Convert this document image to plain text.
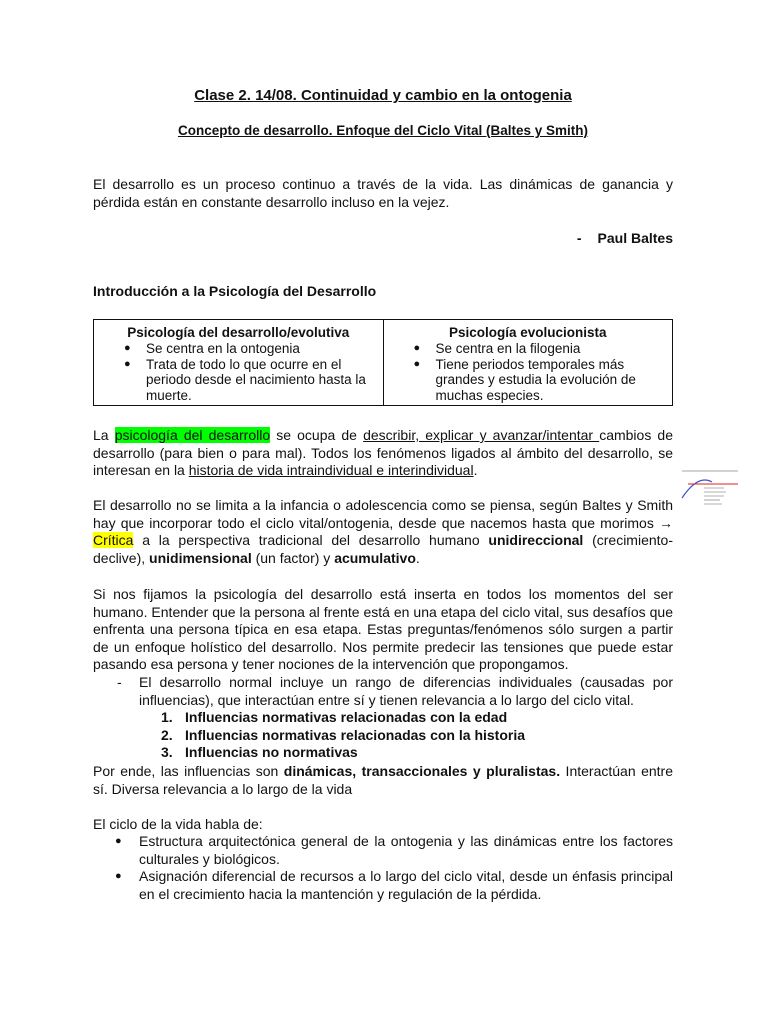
Clase 2. 14/08. Continuidad y cambio en la ontogenia
Concepto de desarrollo. Enfoque del Ciclo Vital (Baltes y Smith)
El desarrollo es un proceso continuo a través de la vida. Las dinámicas de ganancia y pérdida están en constante desarrollo incluso en la vejez.
- Paul Baltes
Introducción a la Psicología del Desarrollo
Psicología del desarrollo/evolutiva
● Se centra en la ontogenia
● Trata de todo lo que ocurre en el periodo desde el nacimiento hasta la muerte.

Psicología evolucionista
● Se centra en la filogenia
● Tiene periodos temporales más grandes y estudia la evolución de muchas especies.
La psicología del desarrollo se ocupa de describir, explicar y avanzar/intentar cambios de desarrollo (para bien o para mal). Todos los fenómenos ligados al ámbito del desarrollo, se interesan en la historia de vida intraindividual e interindividual.
El desarrollo no se limita a la infancia o adolescencia como se piensa, según Baltes y Smith hay que incorporar todo el ciclo vital/ontogenia, desde que nacemos hasta que morimos → Crítica a la perspectiva tradicional del desarrollo humano unidireccional (crecimiento-declive), unidimensional (un factor) y acumulativo.
Si nos fijamos la psicología del desarrollo está inserta en todos los momentos del ser humano. Entender que la persona al frente está en una etapa del ciclo vital, sus desafíos que enfrenta una persona típica en esa etapa. Estas preguntas/fenómenos sólo surgen a partir de un enfoque holístico del desarrollo. Nos permite predecir las tensiones que puede estar pasando esa persona y tener nociones de la intervención que propongamos.
- El desarrollo normal incluye un rango de diferencias individuales (causadas por influencias), que interactúan entre sí y tienen relevancia a lo largo del ciclo vital.
1. Influencias normativas relacionadas con la edad
2. Influencias normativas relacionadas con la historia
3. Influencias no normativas
Por ende, las influencias son dinámicas, transaccionales y pluralistas. Interactúan entre sí. Diversa relevancia a lo largo de la vida
El ciclo de la vida habla de:
● Estructura arquitectónica general de la ontogenia y las dinámicas entre los factores culturales y biológicos.
● Asignación diferencial de recursos a lo largo del ciclo vital, desde un énfasis principal en el crecimiento hacia la mantención y regulación de la pérdida.
